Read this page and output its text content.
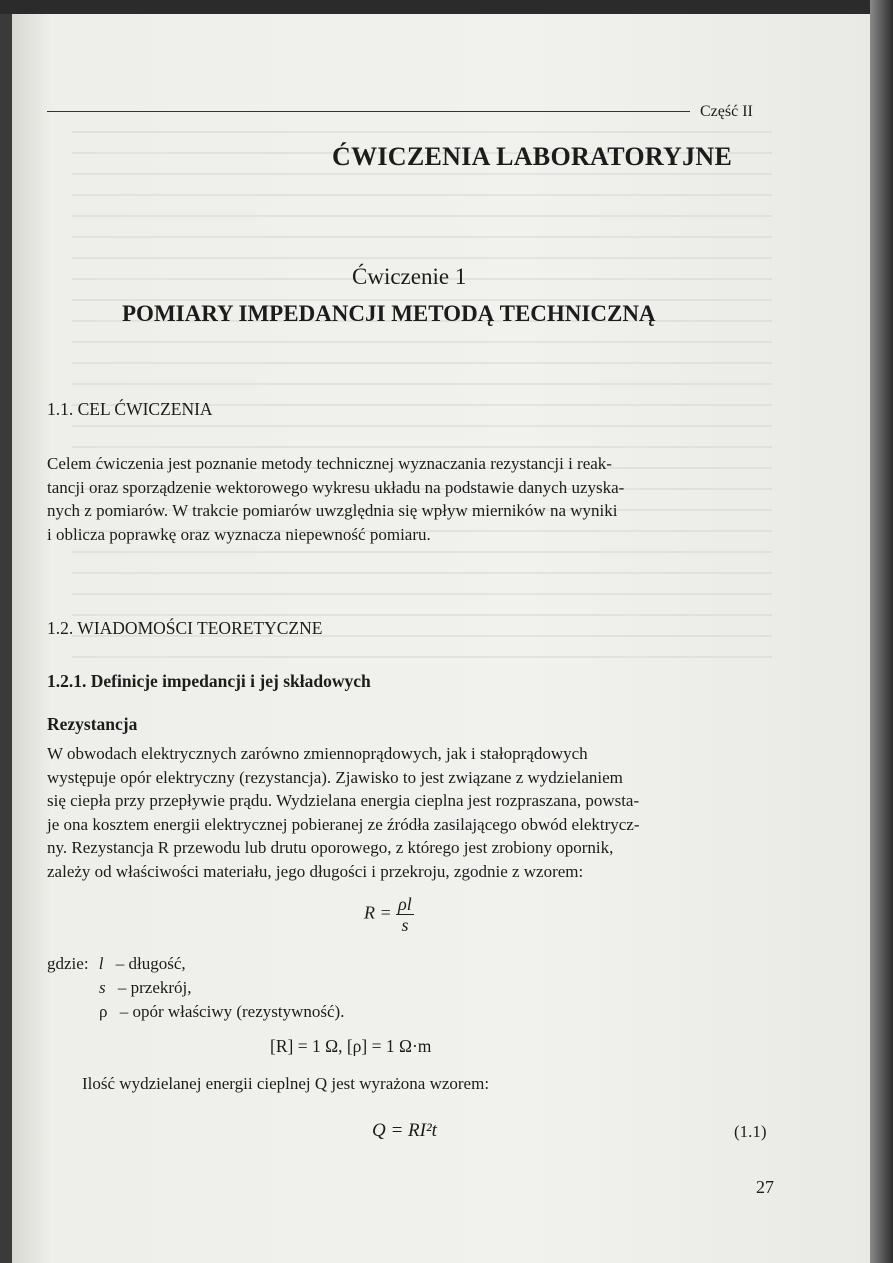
Część II
ĆWICZENIA LABORATORYJNE
Ćwiczenie 1
POMIARY IMPEDANCJI METODĄ TECHNICZNĄ
1.1. CEL ĆWICZENIA

Celem ćwiczenia jest poznanie metody technicznej wyznaczania rezystancji i reak-

tancji oraz sporządzenie wektorowego wykresu układu na podstawie danych uzyska-

nych z pomiarów. W trakcie pomiarów uwzględnia się wpływ mierników na wyniki

i oblicza poprawkę oraz wyznacza niepewność pomiaru.

1.2. WIADOMOŚCI TEORETYCZNE
1.2.1. Definicje impedancji i jej składowych
Rezystancja

W obwodach elektrycznych zarówno zmiennoprądowych, jak i stałoprądowych

występuje opór elektryczny (rezystancja). Zjawisko to jest związane z wydzielaniem

się ciepła przy przepływie prądu. Wydzielana energia cieplna jest rozpraszana, powsta-

je ona kosztem energii elektrycznej pobieranej ze źródła zasilającego obwód elektrycz-

ny. Rezystancja R przewodu lub drutu oporowego, z którego jest zrobiony opornik,

zależy od właściwości materiału, jego długości i przekroju, zgodnie z wzorem:

$R = \frac{\rho l}{s}$
gdzie: l – długość,
s – przekrój,
ρ – opór właściwy (rezystywność).
[R] = 1 Ω, [ρ] = 1 Ω·m
Ilość wydzielanej energii cieplnej Q jest wyrażona wzorem:
Q = RI²t	(1.1)
27
